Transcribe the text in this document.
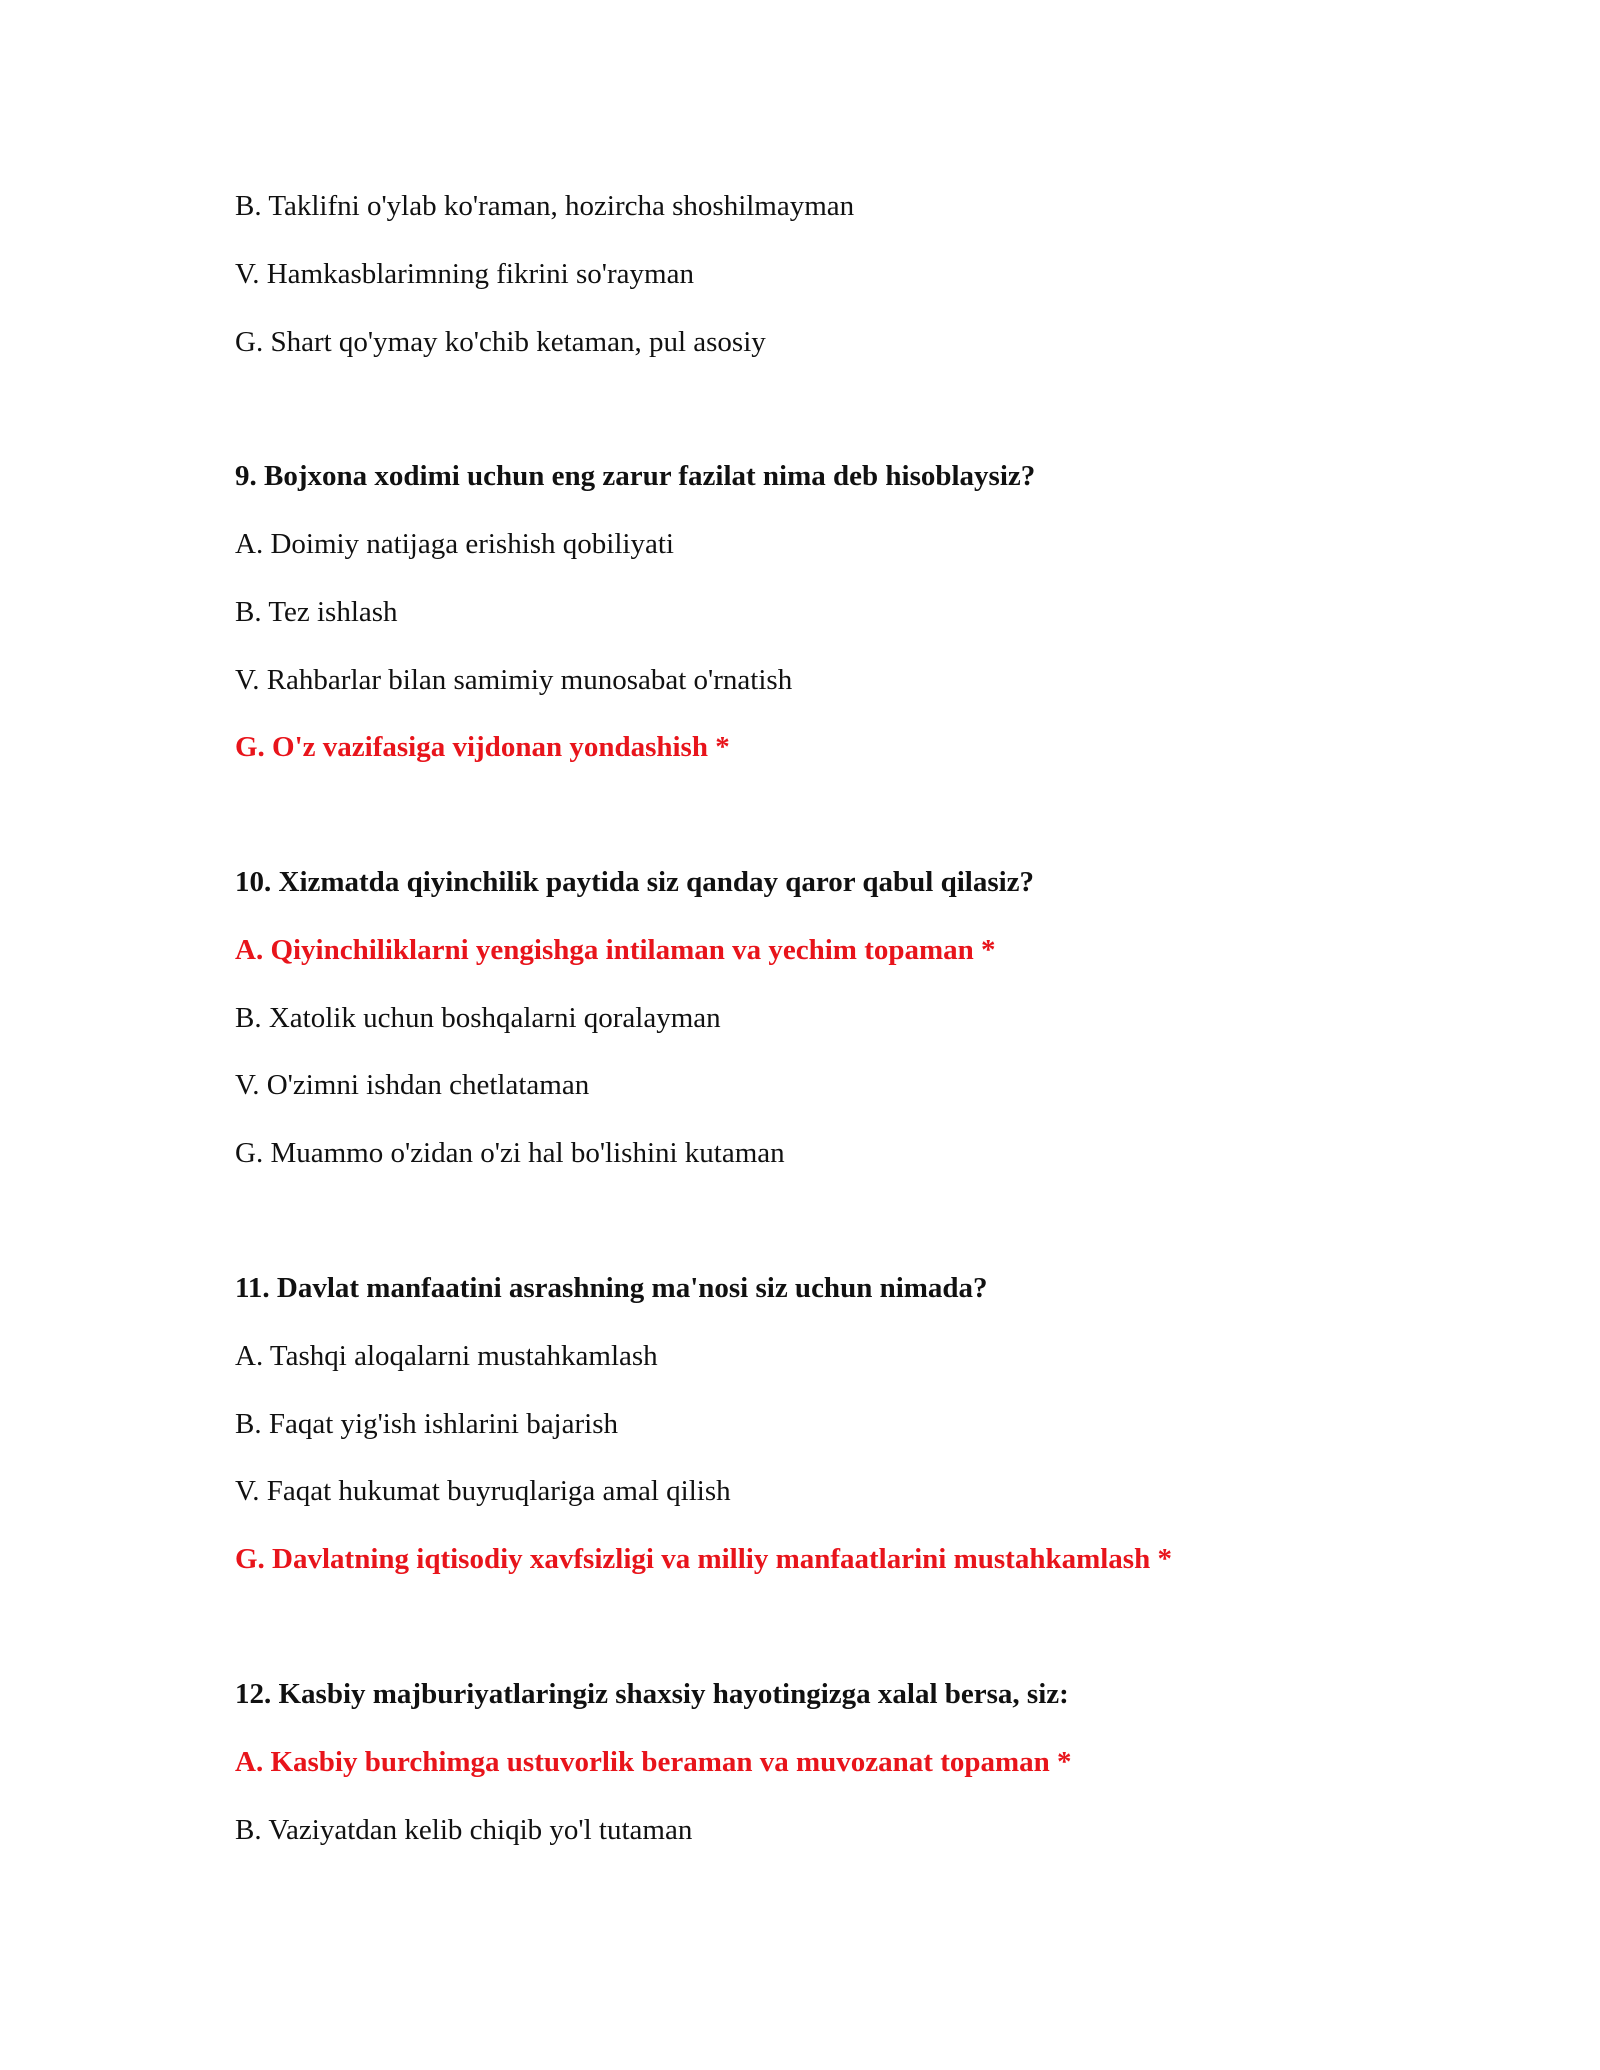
B. Taklifni o'ylab ko'raman, hozircha shoshilmayman
V. Hamkasblarimning fikrini so'rayman
G. Shart qo'ymay ko'chib ketaman, pul asosiy
9. Bojxona xodimi uchun eng zarur fazilat nima deb hisoblaysiz?
A. Doimiy natijaga erishish qobiliyati
B. Tez ishlash
V. Rahbarlar bilan samimiy munosabat o'rnatish
G. O'z vazifasiga vijdonan yondashish *
10. Xizmatda qiyinchilik paytida siz qanday qaror qabul qilasiz?
A. Qiyinchiliklarni yengishga intilaman va yechim topaman *
B. Xatolik uchun boshqalarni qoralayman
V. O'zimni ishdan chetlataman
G. Muammo o'zidan o'zi hal bo'lishini kutaman
11. Davlat manfaatini asrashning ma'nosi siz uchun nimada?
A. Tashqi aloqalarni mustahkamlash
B. Faqat yig'ish ishlarini bajarish
V. Faqat hukumat buyruqlariga amal qilish
G. Davlatning iqtisodiy xavfsizligi va milliy manfaatlarini mustahkamlash *
12. Kasbiy majburiyatlaringiz shaxsiy hayotingizga xalal bersa, siz:
A. Kasbiy burchimga ustuvorlik beraman va muvozanat topaman *
B. Vaziyatdan kelib chiqib yo'l tutaman
